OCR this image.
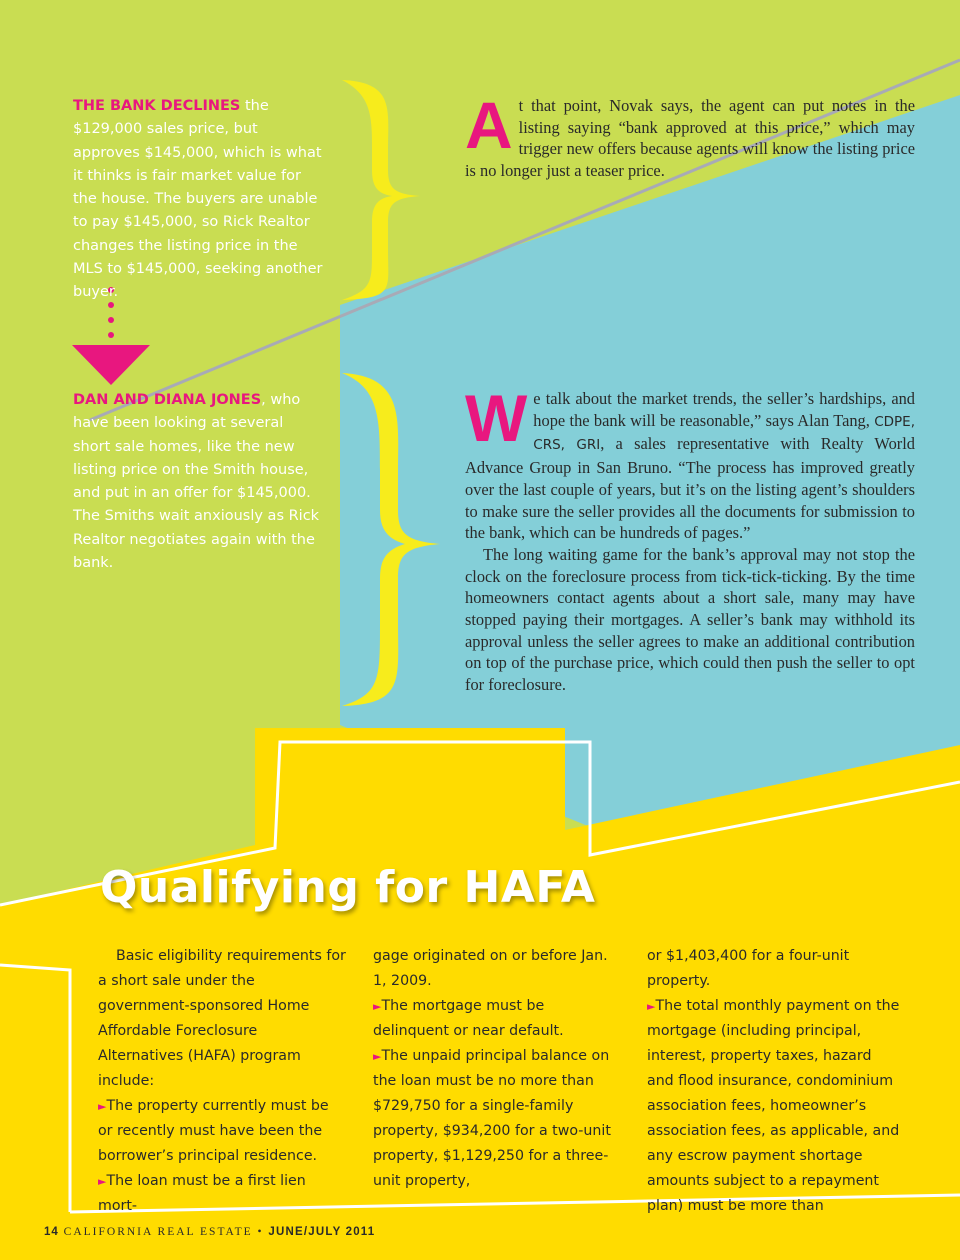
THE BANK DECLINES the $129,000 sales price, but approves $145,000, which is what it thinks is fair market value for the house. The buyers are unable to pay $145,000, so Rick Realtor changes the listing price in the MLS to $145,000, seeking another buyer.
DAN AND DIANA JONES, who have been looking at several short sale homes, like the new listing price on the Smith house, and put in an offer for $145,000. The Smiths wait anxiously as Rick Realtor negotiates again with the bank.
At that point, Novak says, the agent can put notes in the listing saying “bank approved at this price,” which may trigger new offers because agents will know the listing price is no longer just a teaser price.

We talk about the market trends, the seller’s hardships, and hope the bank will be reasonable,” says Alan Tang, CDPE, CRS, GRI, a sales representative with Realty World Advance Group in San Bruno. “The process has improved greatly over the last couple of years, but it’s on the listing agent’s shoulders to make sure the seller provides all the documents for submission to the bank, which can be hundreds of pages.”

The long waiting game for the bank’s approval may not stop the clock on the foreclosure process from tick-tick-ticking. By the time homeowners contact agents about a short sale, many may have stopped paying their mortgages. A seller’s bank may withhold its approval unless the seller agrees to make an additional contribution on top of the purchase price, which could then push the seller to opt for foreclosure.

Qualifying for HAFA

Basic eligibility requirements for a short sale under the government-sponsored Home Affordable Foreclosure Alternatives (HAFA) program include:

►The property currently must be or recently must have been the borrower’s principal residence.

►The loan must be a first lien mort-

gage originated on or before Jan. 1, 2009.

►The mortgage must be delinquent or near default.

►The unpaid principal balance on the loan must be no more than $729,750 for a single-family property, $934,200 for a two-unit property, $1,129,250 for a three-unit property,

or $1,403,400 for a four-unit property.

►The total monthly payment on the mortgage (including principal, interest, property taxes, hazard and flood insurance, condominium association fees, homeowner’s association fees, as applicable, and any escrow payment shortage amounts subject to a repayment plan) must be more than

14 CALIFORNIA REAL ESTATE • JUNE/JULY 2011
